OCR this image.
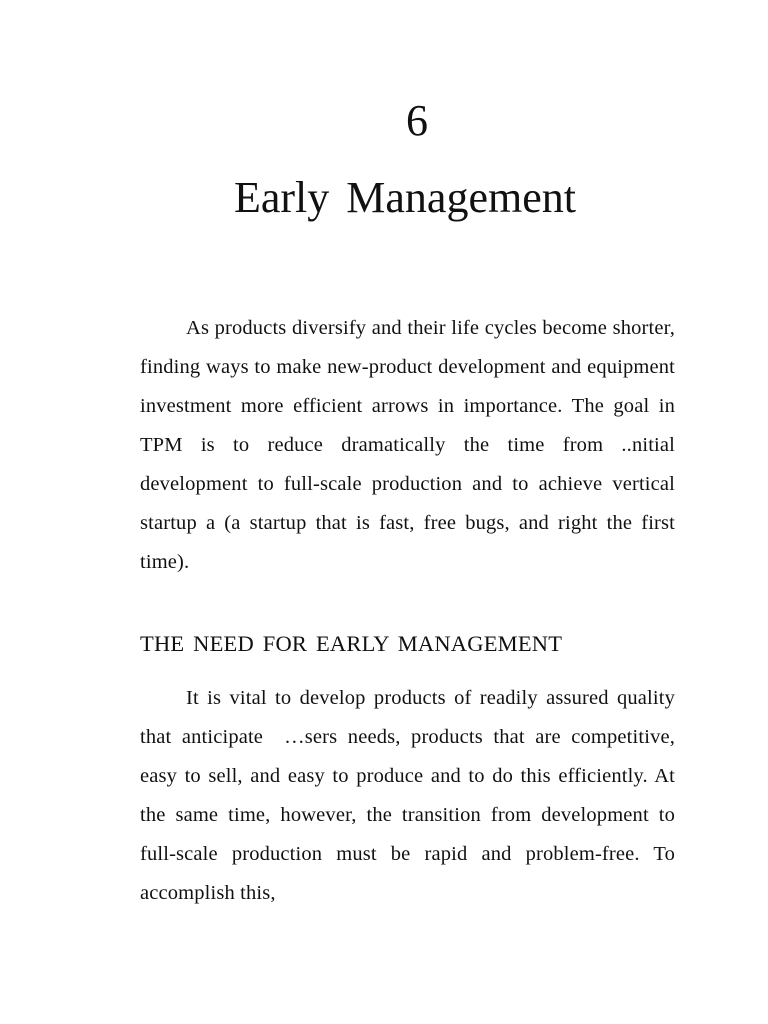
6
Early Management

As products diversify and their life cycles become shorter, finding ways to make new-product development and equipment investment more efficient arrows in importance. The goal in TPM is to reduce dramatically the time from ..nitial development to full-scale production and to achieve vertical startup a (a startup that is fast, free bugs, and right the first time).

THE NEED FOR EARLY MANAGEMENT

It is vital to develop products of readily assured quality that anticipate  …sers needs, products that are competitive, easy to sell, and easy to produce and to do this efficiently. At the same time, however, the transition from development to full-scale production must be rapid and problem-free. To accomplish this,
